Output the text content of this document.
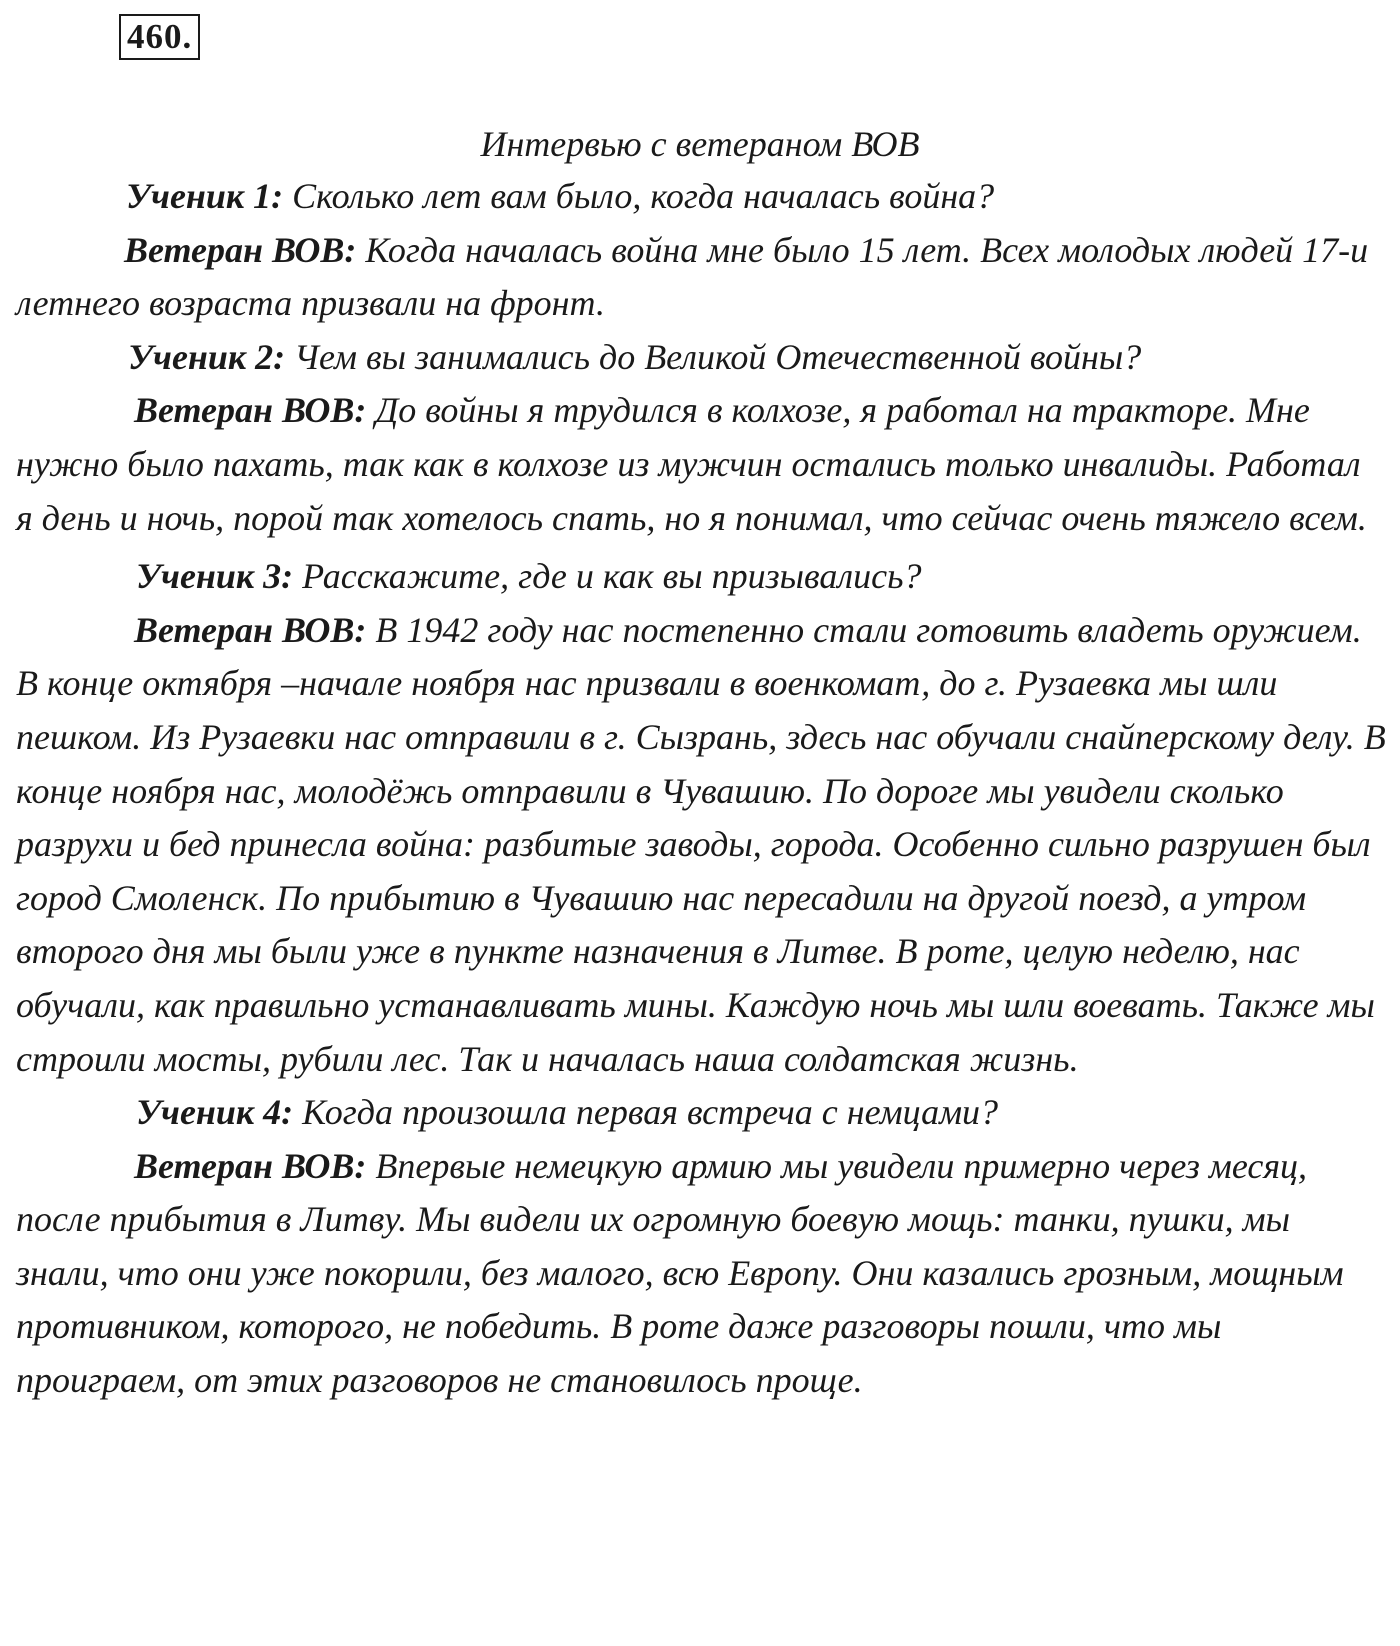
460.
Интервью с ветераном ВОВ

Ученик 1: Сколько лет вам было, когда началась война?

Ветеран ВОВ: Когда началась война мне было 15 лет. Всех молодых людей 17-и летнего возраста призвали на фронт.

Ученик 2: Чем вы занимались до Великой Отечественной войны?

Ветеран ВОВ: До войны я трудился в колхозе, я работал на тракторе. Мне нужно было пахать, так как в колхозе из мужчин остались только инвалиды. Работал я день и ночь, порой так хотелось спать, но я понимал, что сейчас очень тяжело всем.

Ученик 3: Расскажите, где и как вы призывались?

Ветеран ВОВ: В 1942 году нас постепенно стали готовить владеть оружием. В конце октября –начале ноября нас призвали в военкомат, до г. Рузаевка мы шли пешком. Из Рузаевки нас отправили в г. Сызрань, здесь нас обучали снайперскому делу. В конце ноября нас, молодёжь отправили в Чувашию. По дороге мы увидели сколько разрухи и бед принесла война: разбитые заводы, города. Особенно сильно разрушен был город Смоленск. По прибытию в Чувашию нас пересадили на другой поезд, а утром второго дня мы были уже в пункте назначения в Литве. В роте, целую неделю, нас обучали, как правильно устанавливать мины. Каждую ночь мы шли воевать. Также мы строили мосты, рубили лес. Так и началась наша солдатская жизнь.

Ученик 4: Когда произошла первая встреча с немцами?

Ветеран ВОВ: Впервые немецкую армию мы увидели примерно через месяц, после прибытия в Литву. Мы видели их огромную боевую мощь: танки, пушки, мы знали, что они уже покорили, без малого, всю Европу. Они казались грозным, мощным противником, которого, не победить. В роте даже разговоры пошли, что мы проиграем, от этих разговоров не становилось проще.
